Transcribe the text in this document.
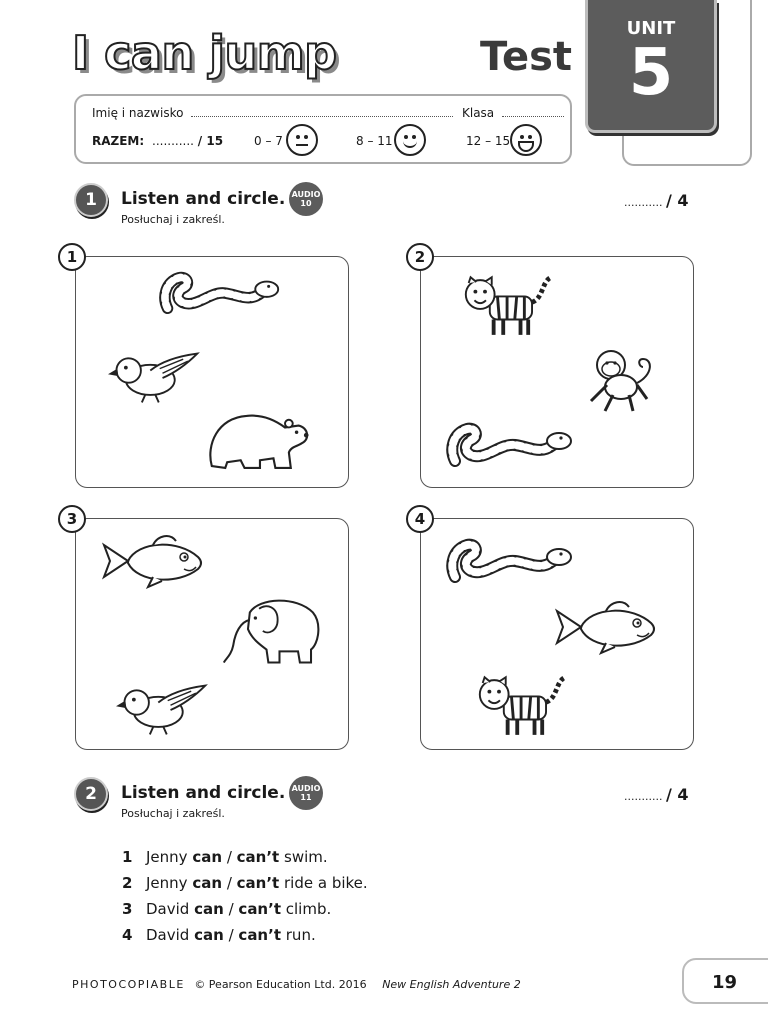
I can jump	Test
UNIT
5
Imię i nazwisko	Klasa
RAZEM: ........... / 15	0 – 7	8 – 11	12 – 15
1	Listen and circle.
Posłuchaj i zakreśl.
AUDIO
10	........... / 4
1	2
3	4
2	Listen and circle.
Posłuchaj i zakreśl.
AUDIO
11	........... / 4
1 Jenny can / can’t swim.
2 Jenny can / can’t ride a bike.
3 David can / can’t climb.
4 David can / can’t run.
PHOTOCOPIABLE © Pearson Education Ltd. 2016 New English Adventure 2	19
